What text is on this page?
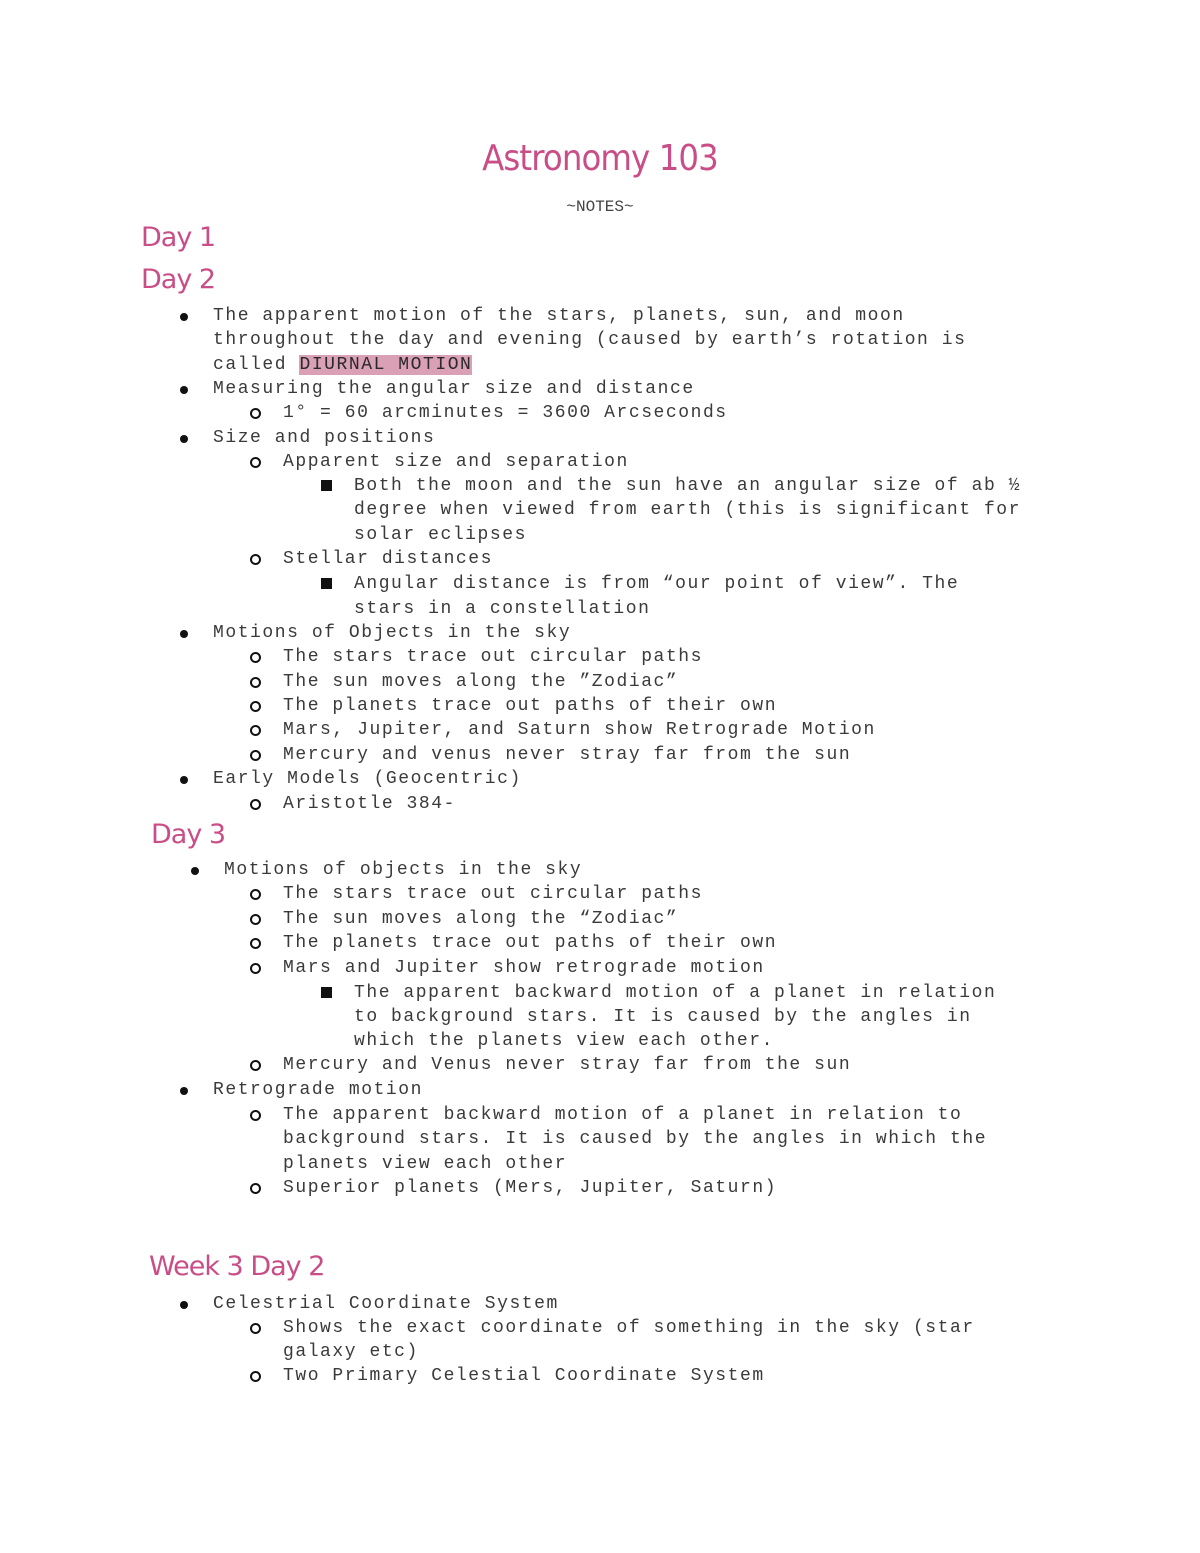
Astronomy 103
~NOTES~
Day 1
Day 2
The apparent motion of the stars, planets, sun, and moon
throughout the day and evening (caused by earth’s rotation is
called DIURNAL MOTION
Measuring the angular size and distance
1° = 60 arcminutes = 3600 Arcseconds
Size and positions
Apparent size and separation
Both the moon and the sun have an angular size of ab ½
degree when viewed from earth (this is significant for
solar eclipses
Stellar distances
Angular distance is from “our point of view”. The
stars in a constellation
Motions of Objects in the sky
The stars trace out circular paths
The sun moves along the ”Zodiac”
The planets trace out paths of their own
Mars, Jupiter, and Saturn show Retrograde Motion
Mercury and venus never stray far from the sun
Early Models (Geocentric)
Aristotle 384-
Day 3
Motions of objects in the sky
The stars trace out circular paths
The sun moves along the “Zodiac”
The planets trace out paths of their own
Mars and Jupiter show retrograde motion
The apparent backward motion of a planet in relation
to background stars. It is caused by the angles in
which the planets view each other.
Mercury and Venus never stray far from the sun
Retrograde motion
The apparent backward motion of a planet in relation to
background stars. It is caused by the angles in which the
planets view each other
Superior planets (Mers, Jupiter, Saturn)
Week 3 Day 2
Celestrial Coordinate System
Shows the exact coordinate of something in the sky (star
galaxy etc)
Two Primary Celestial Coordinate System
